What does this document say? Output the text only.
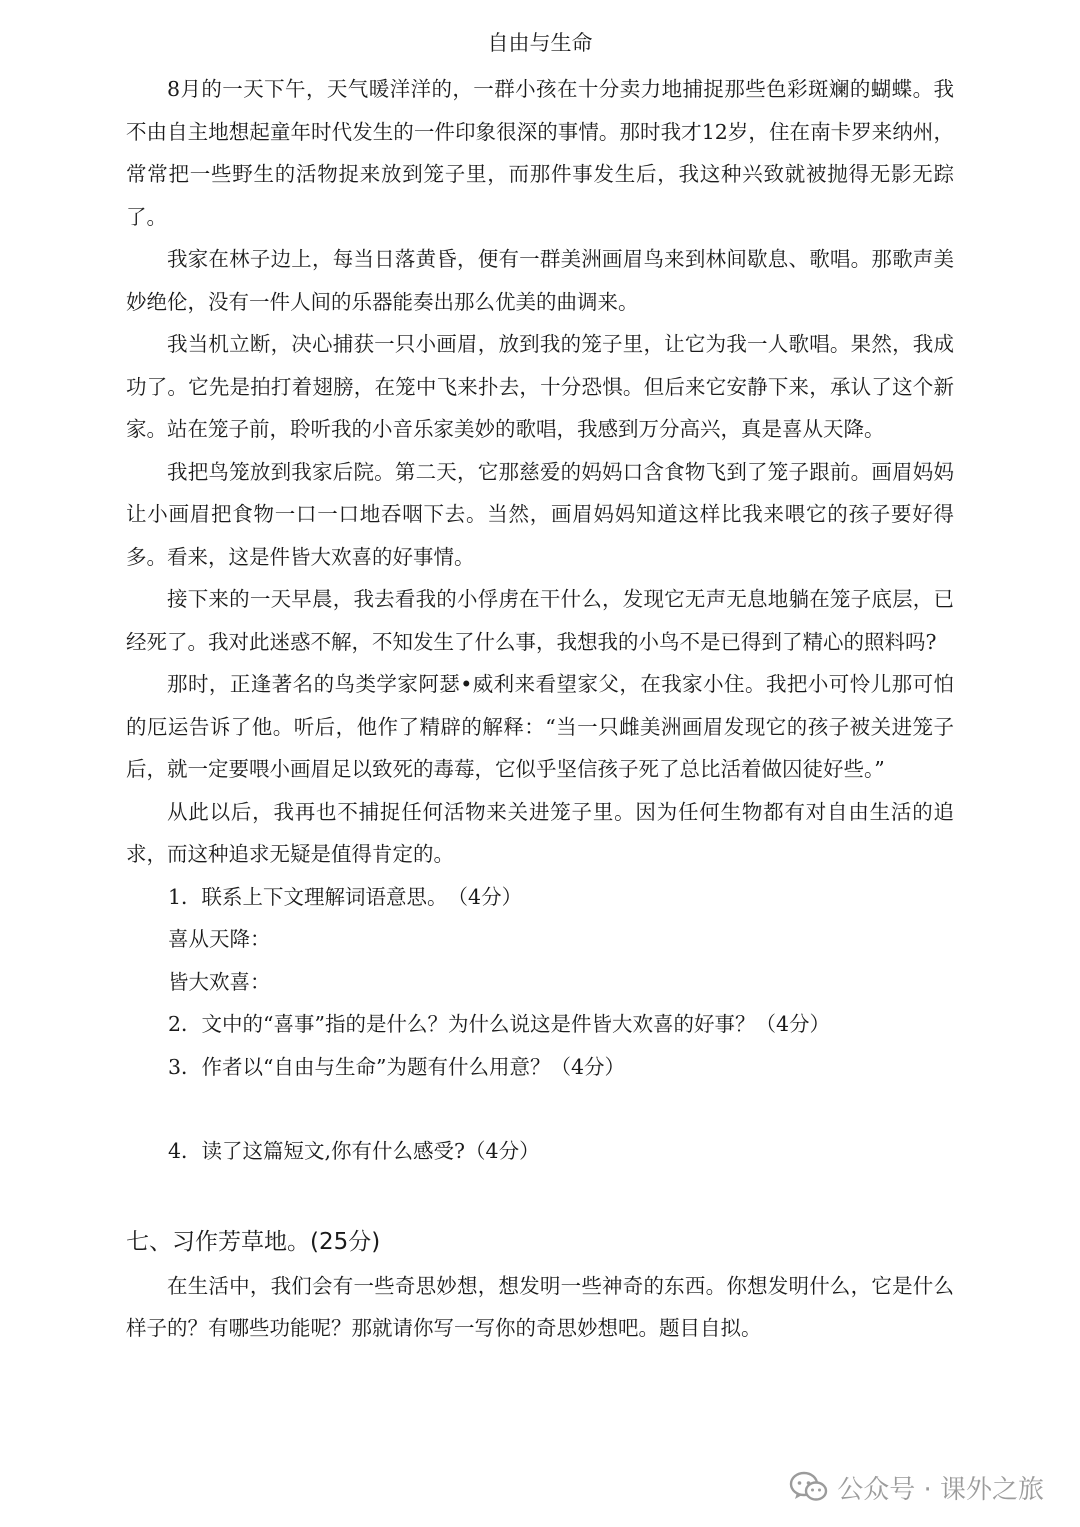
自由与生命

8月的一天下午，天气暖洋洋的，一群小孩在十分卖力地捕捉那些色彩斑斓的蝴蝶。我不由自主地想起童年时代发生的一件印象很深的事情。那时我才12岁，住在南卡罗来纳州，常常把一些野生的活物捉来放到笼子里，而那件事发生后，我这种兴致就被抛得无影无踪了。

我家在林子边上，每当日落黄昏，便有一群美洲画眉鸟来到林间歇息、歌唱。那歌声美妙绝伦，没有一件人间的乐器能奏出那么优美的曲调来。

我当机立断，决心捕获一只小画眉，放到我的笼子里，让它为我一人歌唱。果然，我成功了。它先是拍打着翅膀，在笼中飞来扑去，十分恐惧。但后来它安静下来，承认了这个新家。站在笼子前，聆听我的小音乐家美妙的歌唱，我感到万分高兴，真是喜从天降。

我把鸟笼放到我家后院。第二天，它那慈爱的妈妈口含食物飞到了笼子跟前。画眉妈妈让小画眉把食物一口一口地吞咽下去。当然，画眉妈妈知道这样比我来喂它的孩子要好得多。看来，这是件皆大欢喜的好事情。

接下来的一天早晨，我去看我的小俘虏在干什么，发现它无声无息地躺在笼子底层，已经死了。我对此迷惑不解，不知发生了什么事，我想我的小鸟不是已得到了精心的照料吗?

那时，正逢著名的鸟类学家阿瑟•威利来看望家父，在我家小住。我把小可怜儿那可怕的厄运告诉了他。听后，他作了精辟的解释：“当一只雌美洲画眉发现它的孩子被关进笼子后，就一定要喂小画眉足以致死的毒莓，它似乎坚信孩子死了总比活着做囚徒好些。”

从此以后，我再也不捕捉任何活物来关进笼子里。因为任何生物都有对自由生活的追求，而这种追求无疑是值得肯定的。

1．联系上下文理解词语意思。　（4分）

喜从天降：

皆大欢喜：

2．文中的“喜事”指的是什么？为什么说这是件皆大欢喜的好事？（4分）

3．作者以“自由与生命”为题有什么用意？（4分）

4．读了这篇短文,你有什么感受?（4分）

七、习作芳草地。(25分)

在生活中，我们会有一些奇思妙想，想发明一些神奇的东西。你想发明什么，它是什么样子的？有哪些功能呢？那就请你写一写你的奇思妙想吧。题目自拟。

公众号 · 课外之旅
